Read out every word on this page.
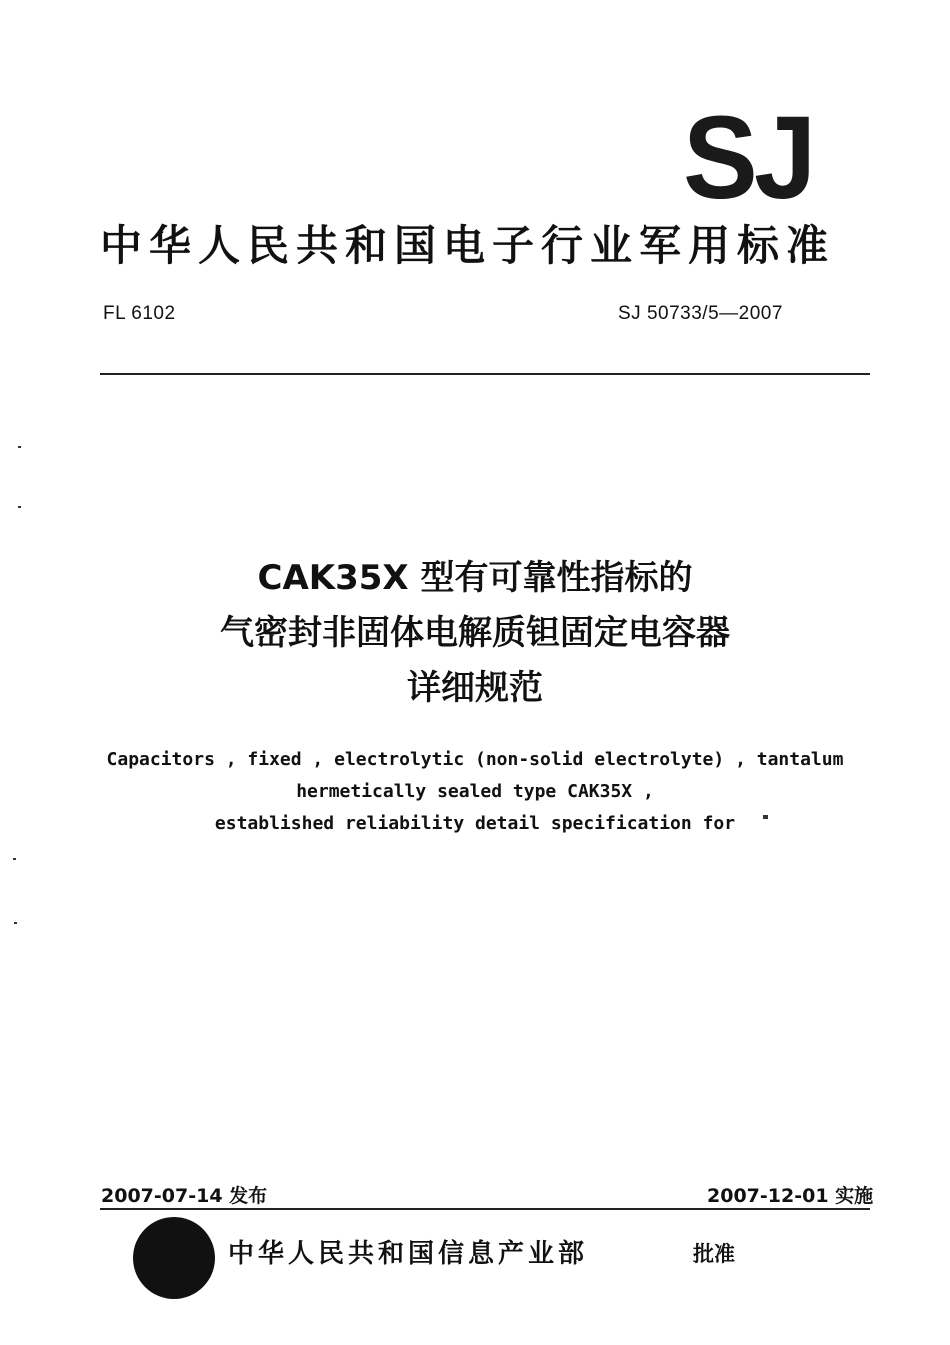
SJ
中华人民共和国电子行业军用标准
FL 6102	SJ 50733/5—2007
CAK35X 型有可靠性指标的
气密封非固体电解质钽固定电容器
详细规范
Capacitors , fixed , electrolytic (non-solid electrolyte) , tantalum
hermetically sealed type CAK35X ,
established reliability detail specification for
2007-07-14 发布	2007-12-01 实施
中华人民共和国信息产业部	批准
